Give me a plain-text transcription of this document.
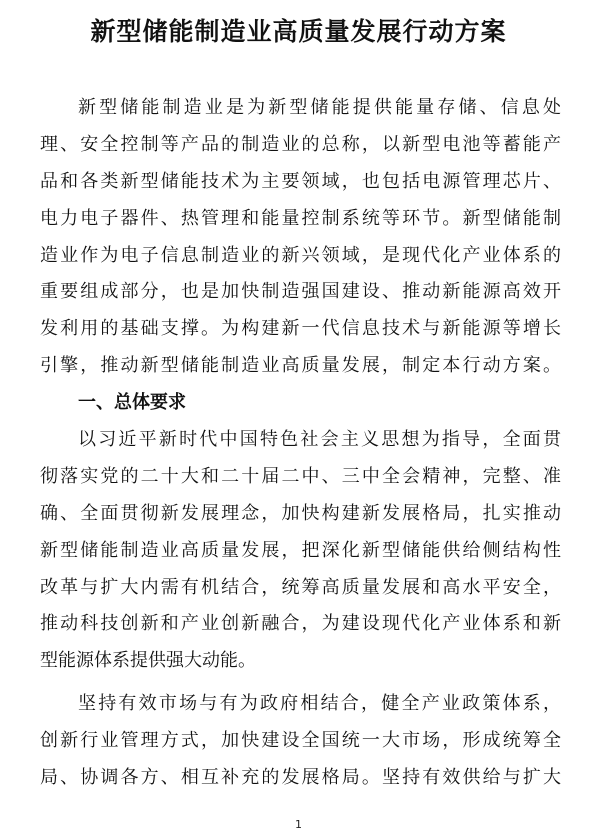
新型储能制造业高质量发展行动方案
新型储能制造业是为新型储能提供能量存储、信息处
理、安全控制等产品的制造业的总称，以新型电池等蓄能产
品和各类新型储能技术为主要领域，也包括电源管理芯片、
电力电子器件、热管理和能量控制系统等环节。新型储能制
造业作为电子信息制造业的新兴领域，是现代化产业体系的
重要组成部分，也是加快制造强国建设、推动新能源高效开
发利用的基础支撑。为构建新一代信息技术与新能源等增长
引擎，推动新型储能制造业高质量发展，制定本行动方案。
一、总体要求
以习近平新时代中国特色社会主义思想为指导，全面贯
彻落实党的二十大和二十届二中、三中全会精神，完整、准
确、全面贯彻新发展理念，加快构建新发展格局，扎实推动
新型储能制造业高质量发展，把深化新型储能供给侧结构性
改革与扩大内需有机结合，统筹高质量发展和高水平安全，
推动科技创新和产业创新融合，为建设现代化产业体系和新
型能源体系提供强大动能。
坚持有效市场与有为政府相结合，健全产业政策体系，
创新行业管理方式，加快建设全国统一大市场，形成统筹全
局、协调各方、相互补充的发展格局。坚持有效供给与扩大
1
